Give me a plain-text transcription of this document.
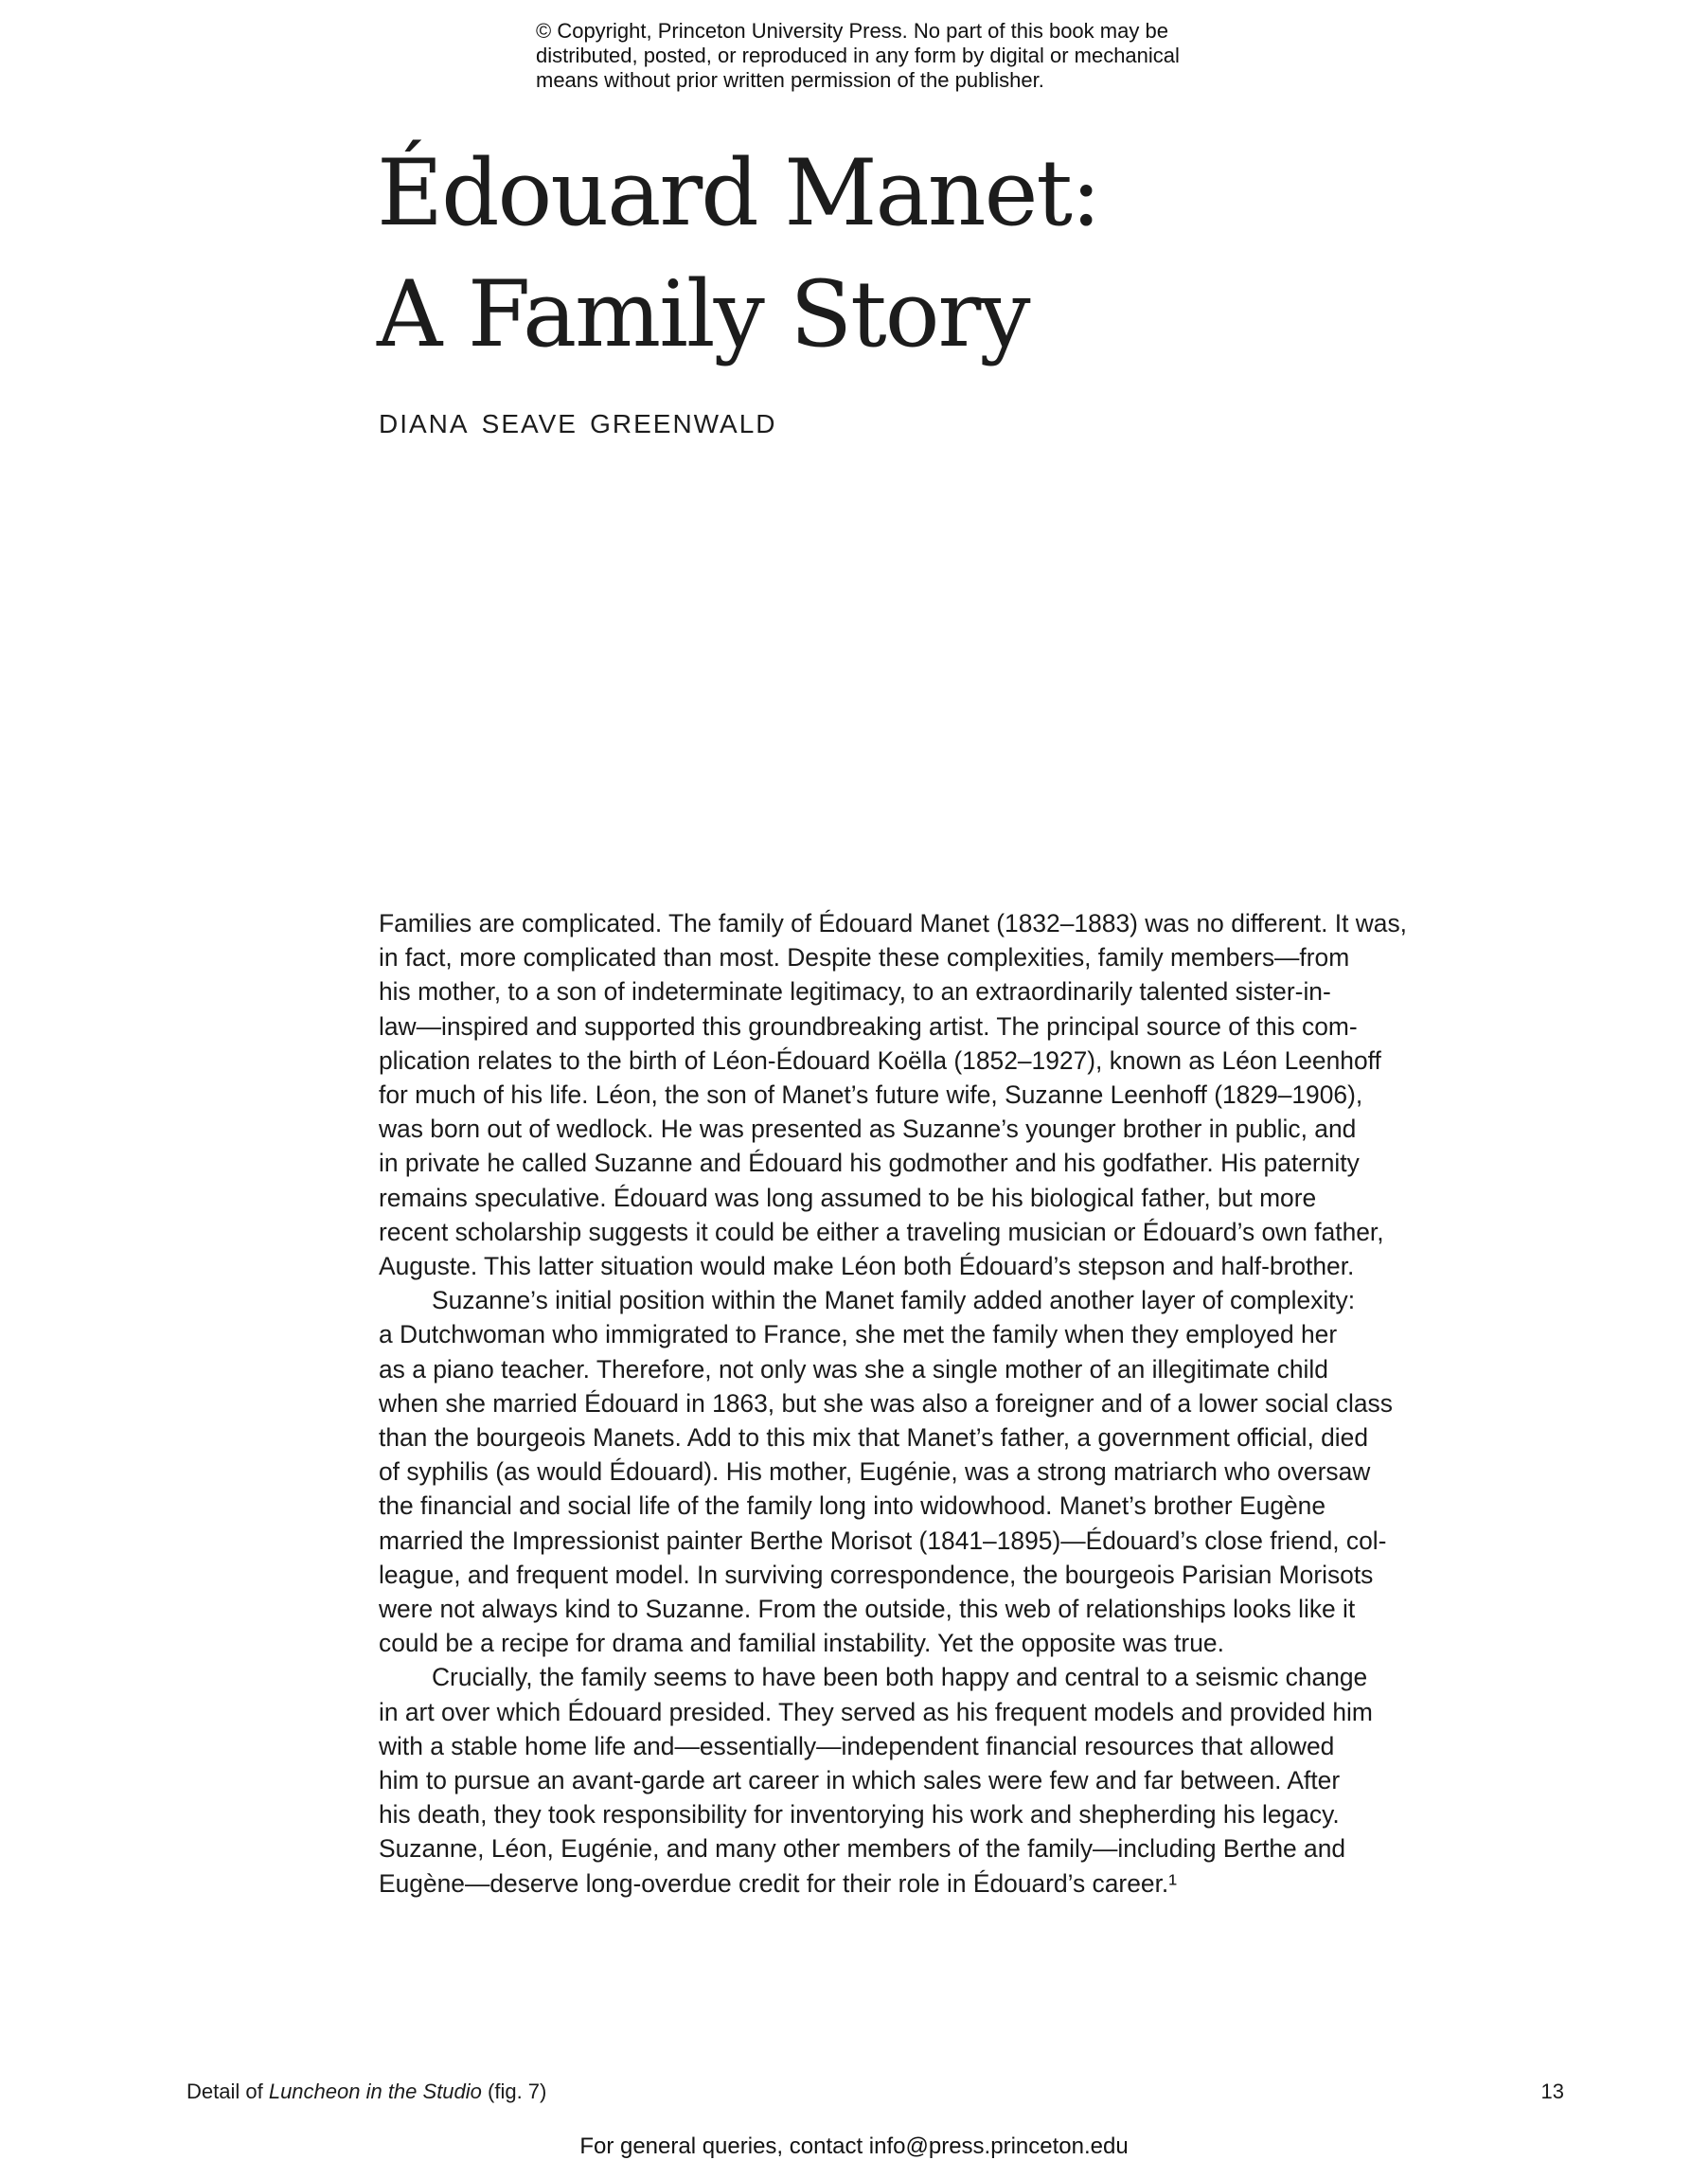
© Copyright, Princeton University Press. No part of this book may be
distributed, posted, or reproduced in any form by digital or mechanical
means without prior written permission of the publisher.
Édouard Manet:
A Family Story
diana seave greenwald
Families are complicated. The family of Édouard Manet (1832–1883) was no different. It was,
in fact, more complicated than most. Despite these complexities, family members—from
his mother, to a son of indeterminate legitimacy, to an extraordinarily talented sister-in-
law—inspired and supported this groundbreaking artist. The principal source of this com-
plication relates to the birth of Léon-Édouard Koëlla (1852–1927), known as Léon Leenhoff
for much of his life. Léon, the son of Manet’s future wife, Suzanne Leenhoff (1829–1906),
was born out of wedlock. He was presented as Suzanne’s younger brother in public, and
in private he called Suzanne and Édouard his godmother and his godfather. His paternity
remains speculative. Édouard was long assumed to be his biological father, but more
recent scholarship suggests it could be either a traveling musician or Édouard’s own father,
Auguste. This latter situation would make Léon both Édouard’s stepson and half-brother.
Suzanne’s initial position within the Manet family added another layer of complexity:
a Dutchwoman who immigrated to France, she met the family when they employed her
as a piano teacher. Therefore, not only was she a single mother of an illegitimate child
when she married Édouard in 1863, but she was also a foreigner and of a lower social class
than the bourgeois Manets. Add to this mix that Manet’s father, a government official, died
of syphilis (as would Édouard). His mother, Eugénie, was a strong matriarch who oversaw
the financial and social life of the family long into widowhood. Manet’s brother Eugène
married the Impressionist painter Berthe Morisot (1841–1895)—Édouard’s close friend, col-
league, and frequent model. In surviving correspondence, the bourgeois Parisian Morisots
were not always kind to Suzanne. From the outside, this web of relationships looks like it
could be a recipe for drama and familial instability. Yet the opposite was true.
Crucially, the family seems to have been both happy and central to a seismic change
in art over which Édouard presided. They served as his frequent models and provided him
with a stable home life and—essentially—independent financial resources that allowed
him to pursue an avant-garde art career in which sales were few and far between. After
his death, they took responsibility for inventorying his work and shepherding his legacy.
Suzanne, Léon, Eugénie, and many other members of the family—including Berthe and
Eugène—deserve long-overdue credit for their role in Édouard’s career.¹
Detail of Luncheon in the Studio (fig. 7)	13
For general queries, contact info@press.princeton.edu
